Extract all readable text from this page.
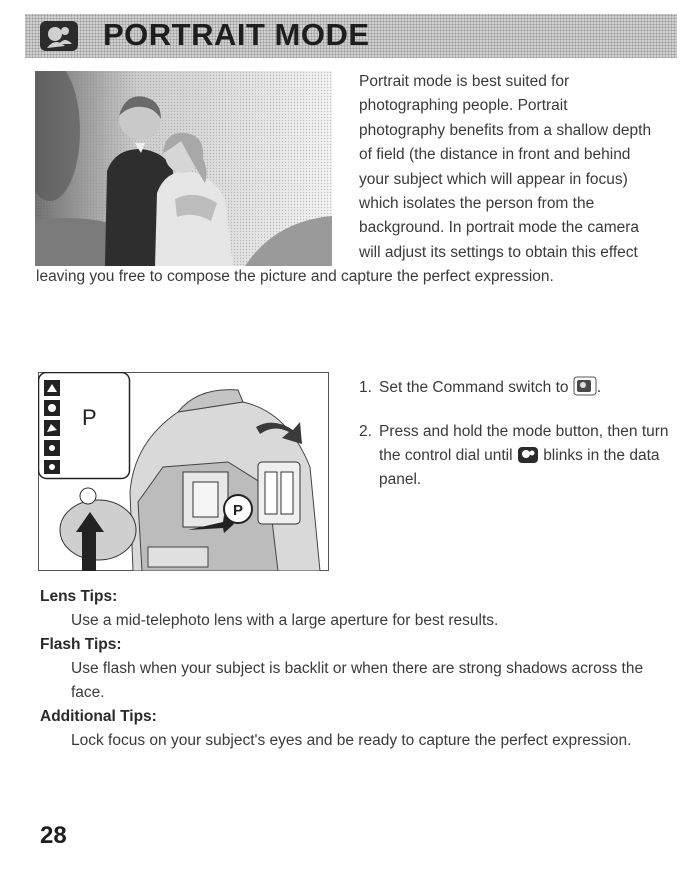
PORTRAIT MODE
Portrait mode is best suited for photographing people. Portrait photography benefits from a shallow depth of field (the distance in front and behind your subject which will appear in focus) which isolates the person from the background. In portrait mode the camera will adjust its settings to obtain this effect leaving you free to compose the picture and capture the perfect expression.
P
P
1. Set the Command switch to .
2. Press and hold the mode button, then turn the control dial until blinks in the data panel.
Lens Tips:
Use a mid-telephoto lens with a large aperture for best results.
Flash Tips:
Use flash when your subject is backlit or when there are strong shadows across the face.
Additional Tips:
Lock focus on your subject's eyes and be ready to capture the perfect expression.
28
